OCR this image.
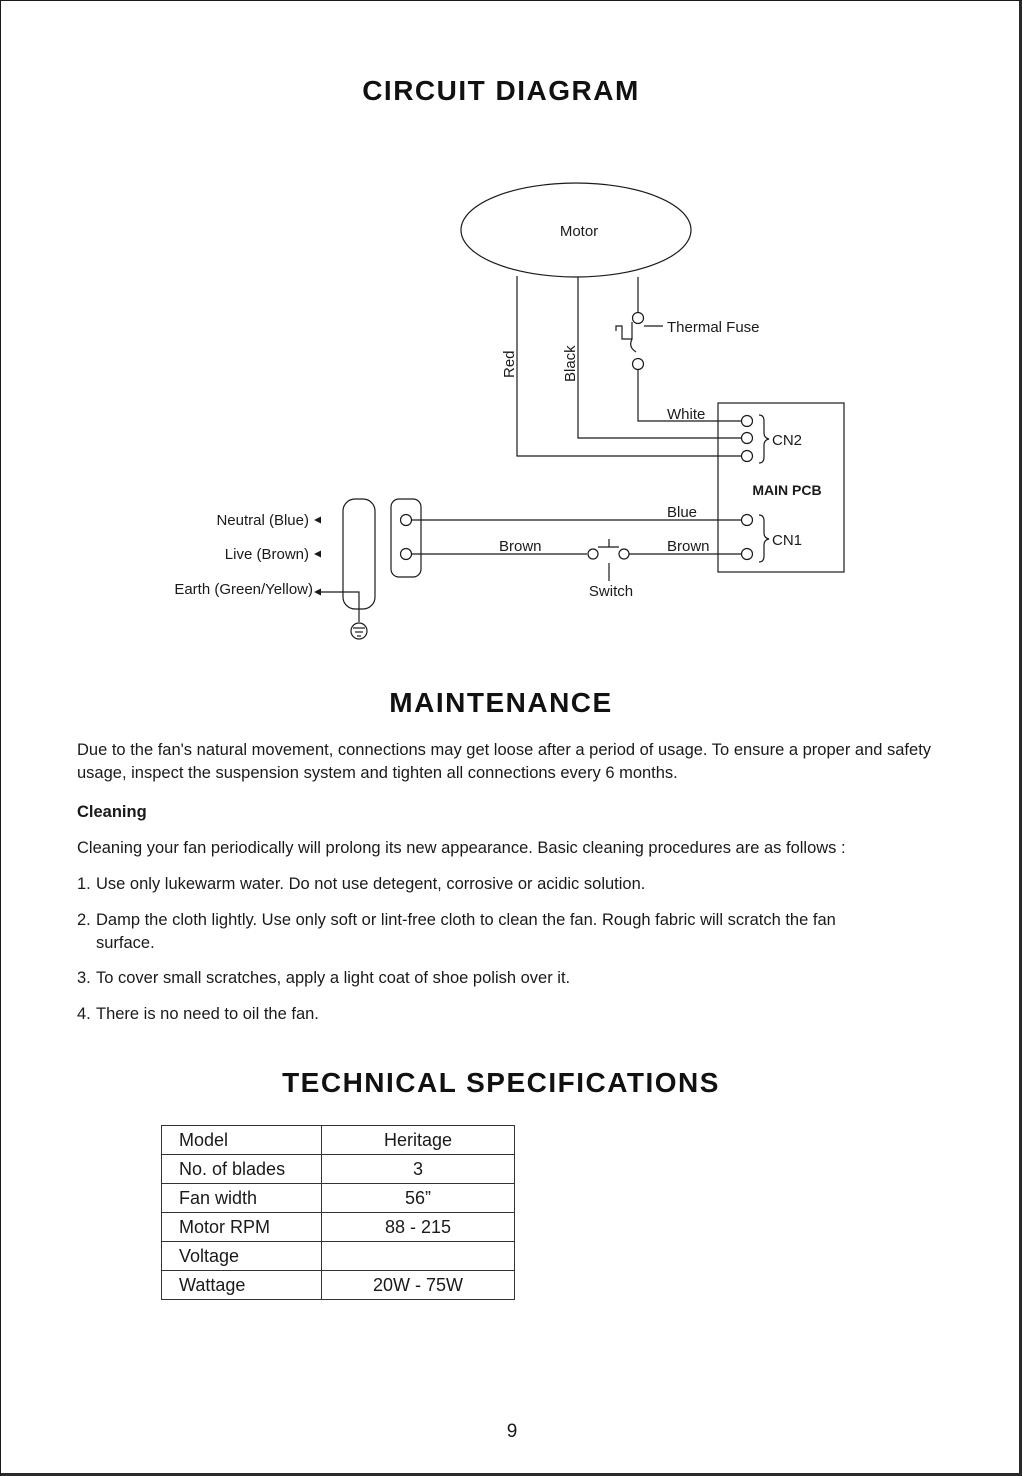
CIRCUIT DIAGRAM
Motor
Thermal Fuse
Red	Black
White
CN2
MAIN PCB
Blue
CN1
Brown	Brown
Switch
Neutral (Blue)
Live (Brown)
Earth (Green/Yellow)
MAINTENANCE
Due to the fan's natural movement, connections may get loose after a period of usage. To ensure a proper and safety usage, inspect the suspension system and tighten all connections every 6 months.
Cleaning
Cleaning your fan periodically will prolong its new appearance. Basic cleaning procedures are as follows :
1. Use only lukewarm water. Do not use detegent, corrosive or acidic solution.
2. Damp the cloth lightly. Use only soft or lint-free cloth to clean the fan. Rough fabric will scratch the fan
surface.
3. To cover small scratches, apply a light coat of shoe polish over it.
4. There is no need to oil the fan.
TECHNICAL SPECIFICATIONS
Model	Heritage
No. of blades	3
Fan width	56”
Motor RPM	88 - 215
Voltage	
Wattage	20W - 75W
9
